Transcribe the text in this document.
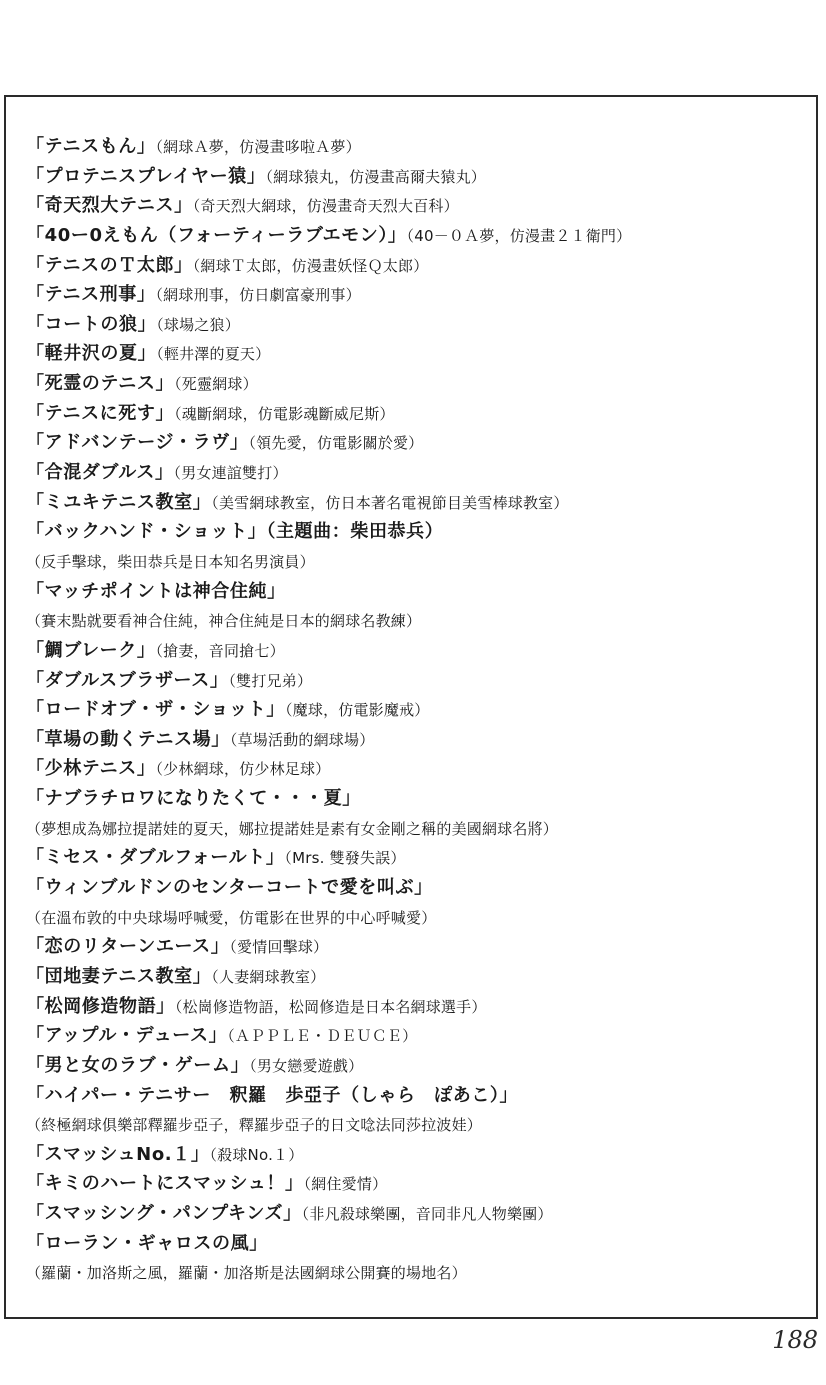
「テニスもん」（網球Ａ夢，仿漫畫哆啦Ａ夢）
「プロテニスプレイヤー猿」（網球猿丸，仿漫畫高爾夫猿丸）
「奇天烈大テニス」（奇天烈大網球，仿漫畫奇天烈大百科）
「40ー0えもん（フォーティーラブエモン）」（40－０Ａ夢，仿漫畫２１衛門）
「テニスのＴ太郎」（網球Ｔ太郎，仿漫畫妖怪Ｑ太郎）
「テニス刑事」（網球刑事，仿日劇富豪刑事）
「コートの狼」（球場之狼）
「軽井沢の夏」（輕井澤的夏天）
「死霊のテニス」（死靈網球）
「テニスに死す」（魂斷網球，仿電影魂斷威尼斯）
「アドバンテージ・ラヴ」（領先愛，仿電影關於愛）
「合混ダブルス」（男女連誼雙打）
「ミユキテニス教室」（美雪網球教室，仿日本著名電視節目美雪棒球教室）
「バックハンド・ショット」（主題曲：柴田恭兵）
（反手擊球，柴田恭兵是日本知名男演員）
「マッチポイントは神合住純」
（賽末點就要看神合住純，神合住純是日本的網球名教練）
「鯛ブレーク」（搶妻，音同搶七）
「ダブルスブラザース」（雙打兄弟）
「ロードオブ・ザ・ショット」（魔球，仿電影魔戒）
「草場の動くテニス場」（草場活動的網球場）
「少林テニス」（少林網球，仿少林足球）
「ナブラチロワになりたくて・・・夏」
（夢想成為娜拉提諾娃的夏天，娜拉提諾娃是素有女金剛之稱的美國網球名將）
「ミセス・ダブルフォールト」（Mrs. 雙發失誤）
「ウィンブルドンのセンターコートで愛を叫ぶ」
（在溫布敦的中央球場呼喊愛，仿電影在世界的中心呼喊愛）
「恋のリターンエース」（愛情回擊球）
「団地妻テニス教室」（人妻網球教室）
「松岡修造物語」（松崗修造物語，松岡修造是日本名網球選手）
「アップル・デュース」（ＡＰＰＬＥ・ＤＥＵＣＥ）
「男と女のラブ・ゲーム」（男女戀愛遊戲）
「ハイパー・テニサー　釈羅　歩亞子（しゃら　ぽあこ）」
（終極網球俱樂部釋羅步亞子，釋羅步亞子的日文唸法同莎拉波娃）
「スマッシュNo.１」（殺球No.１）
「キミのハートにスマッシュ！」（網住愛情）
「スマッシング・パンプキンズ」（非凡殺球樂團，音同非凡人物樂團）
「ローラン・ギャロスの風」
（羅蘭・加洛斯之風，羅蘭・加洛斯是法國網球公開賽的場地名）
188
